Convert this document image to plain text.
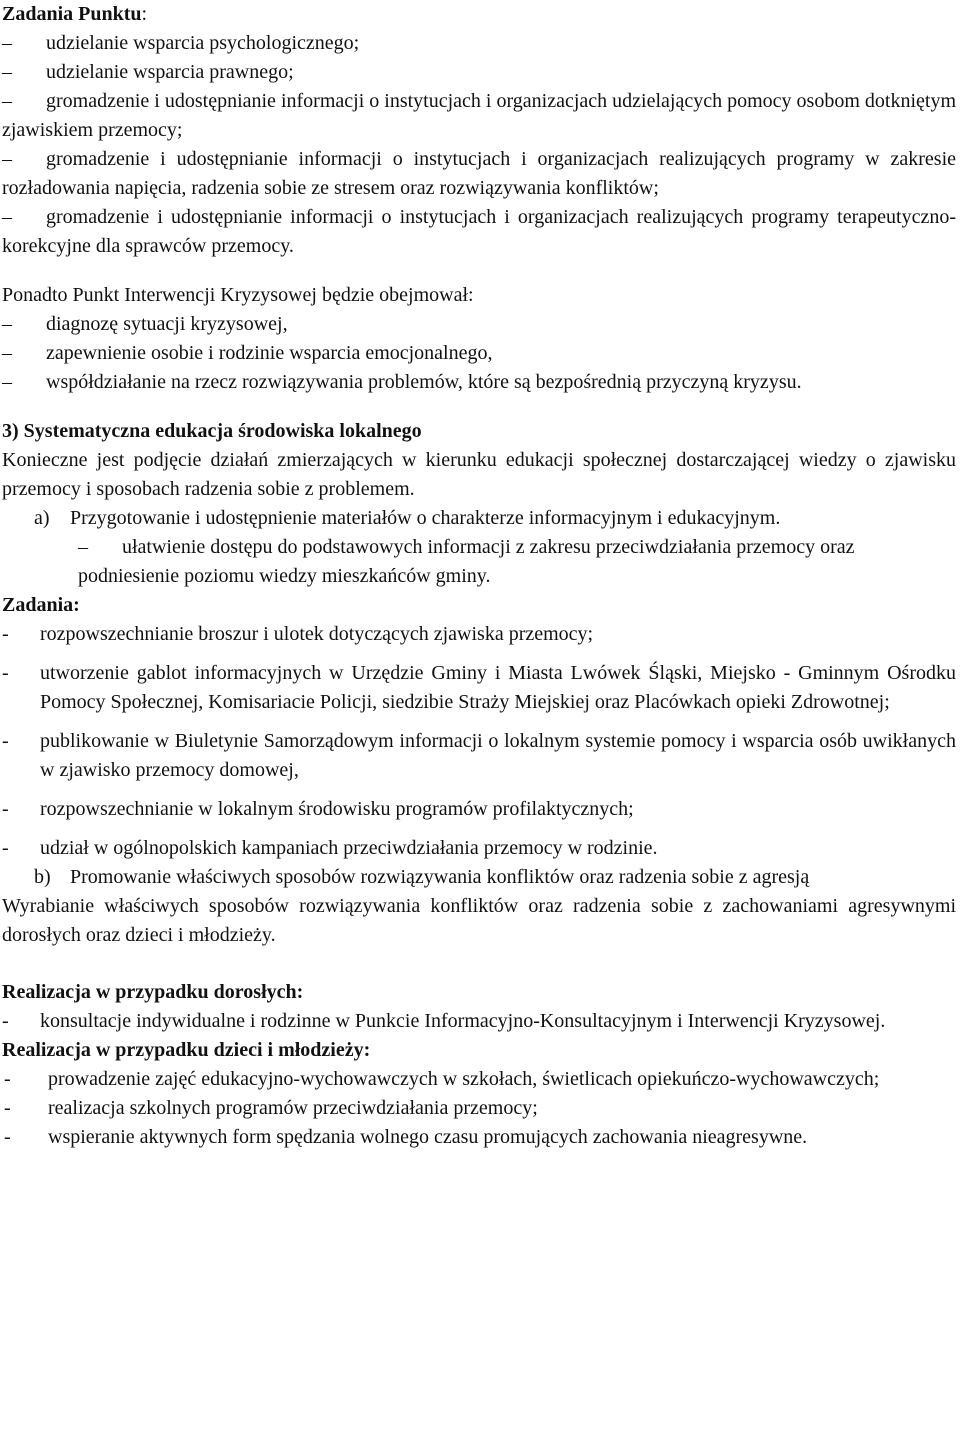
Zadania Punktu:

–	udzielanie wsparcia psychologicznego;

–	udzielanie wsparcia prawnego;

–	gromadzenie i udostępnianie informacji o instytucjach i organizacjach udzielających pomocy osobom dotkniętym zjawiskiem przemocy;

–	gromadzenie i udostępnianie informacji o instytucjach i organizacjach realizujących programy w zakresie rozładowania napięcia, radzenia sobie ze stresem oraz rozwiązywania konfliktów;

–	gromadzenie i udostępnianie informacji o instytucjach i organizacjach realizujących programy terapeutyczno-korekcyjne dla sprawców przemocy.

Ponadto Punkt Interwencji Kryzysowej będzie obejmował:

–	diagnozę sytuacji kryzysowej,

–	zapewnienie osobie i rodzinie wsparcia emocjonalnego,

–	współdziałanie na rzecz rozwiązywania problemów, które są bezpośrednią przyczyną kryzysu.

3) Systematyczna edukacja środowiska lokalnego

Konieczne jest podjęcie działań zmierzających w kierunku edukacji społecznej dostarczającej wiedzy o zjawisku przemocy i sposobach radzenia sobie z problemem.

a) Przygotowanie i udostępnienie materiałów o charakterze informacyjnym i edukacyjnym.

–	ułatwienie dostępu do podstawowych informacji z zakresu przeciwdziałania przemocy oraz podniesienie poziomu wiedzy mieszkańców gminy.

Zadania:

-	rozpowszechnianie broszur i ulotek dotyczących zjawiska przemocy;

-	utworzenie gablot informacyjnych w Urzędzie Gminy i Miasta Lwówek Śląski, Miejsko - Gminnym Ośrodku Pomocy Społecznej, Komisariacie Policji, siedzibie Straży Miejskiej oraz Placówkach opieki Zdrowotnej;

-	publikowanie w Biuletynie Samorządowym informacji o lokalnym systemie pomocy i wsparcia osób uwikłanych w zjawisko przemocy domowej,

-	rozpowszechnianie w lokalnym środowisku programów profilaktycznych;

-	udział w ogólnopolskich kampaniach przeciwdziałania przemocy w rodzinie.

b) Promowanie właściwych sposobów rozwiązywania konfliktów oraz radzenia sobie z agresją

Wyrabianie właściwych sposobów rozwiązywania konfliktów oraz radzenia sobie z zachowaniami agresywnymi dorosłych oraz dzieci i młodzieży.

Realizacja w przypadku dorosłych:

-	konsultacje indywidualne i rodzinne w Punkcie Informacyjno-Konsultacyjnym i Interwencji Kryzysowej.

Realizacja w przypadku dzieci i młodzieży:

-	prowadzenie zajęć edukacyjno-wychowawczych w szkołach, świetlicach opiekuńczo-wychowawczych;

-	realizacja szkolnych programów przeciwdziałania przemocy;

-	wspieranie aktywnych form spędzania wolnego czasu promujących zachowania nieagresywne.
